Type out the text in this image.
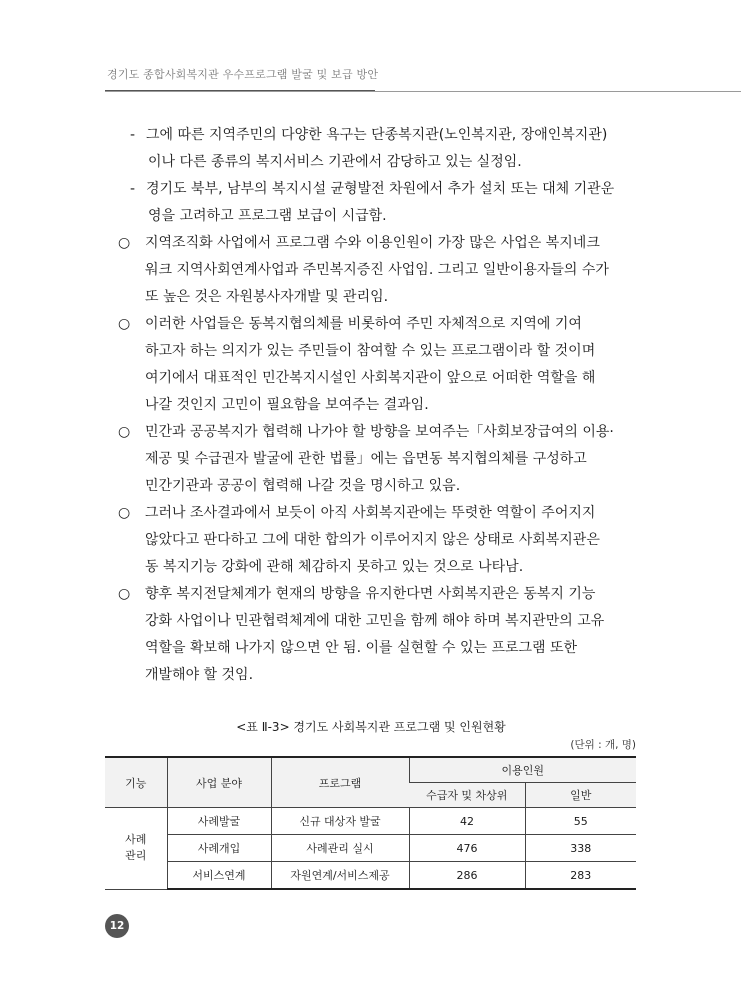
경기도 종합사회복지관 우수프로그램 발굴 및 보급 방안
- 그에 따른 지역주민의 다양한 욕구는 단종복지관(노인복지관, 장애인복지관)
이나 다른 종류의 복지서비스 기관에서 감당하고 있는 실정임.
- 경기도 북부, 남부의 복지시설 균형발전 차원에서 추가 설치 또는 대체 기관운
영을 고려하고 프로그램 보급이 시급함.
○ 지역조직화 사업에서 프로그램 수와 이용인원이 가장 많은 사업은 복지네크
워크 지역사회연계사업과 주민복지증진 사업임. 그리고 일반이용자들의 수가
또 높은 것은 자원봉사자개발 및 관리임.
○ 이러한 사업들은 동복지협의체를 비롯하여 주민 자체적으로 지역에 기여
하고자 하는 의지가 있는 주민들이 참여할 수 있는 프로그램이라 할 것이며
여기에서 대표적인 민간복지시설인 사회복지관이 앞으로 어떠한 역할을 해
나갈 것인지 고민이 필요함을 보여주는 결과임.
○ 민간과 공공복지가 협력해 나가야 할 방향을 보여주는「사회보장급여의 이용·
제공 및 수급권자 발굴에 관한 법률」에는 읍면동 복지협의체를 구성하고
민간기관과 공공이 협력해 나갈 것을 명시하고 있음.
○ 그러나 조사결과에서 보듯이 아직 사회복지관에는 뚜렷한 역할이 주어지지
않았다고 판다하고 그에 대한 합의가 이루어지지 않은 상태로 사회복지관은
동 복지기능 강화에 관해 체감하지 못하고 있는 것으로 나타남.
○ 향후 복지전달체계가 현재의 방향을 유지한다면 사회복지관은 동복지 기능
강화 사업이나 민관협력체계에 대한 고민을 함께 해야 하며 복지관만의 고유
역할을 확보해 나가지 않으면 안 됨. 이를 실현할 수 있는 프로그램 또한
개발해야 할 것임.
<표 Ⅱ-3> 경기도 사회복지관 프로그램 및 인원현황
(단위 : 개, 명)
기능	사업 분야	프로그램	이용인원	
			수급자 및 차상위	일반
사례
관리	사례발굴	신규 대상자 발굴	42	55
	사례개입	사례관리 실시	476	338
	서비스연계	자원연계/서비스제공	286	283
12
